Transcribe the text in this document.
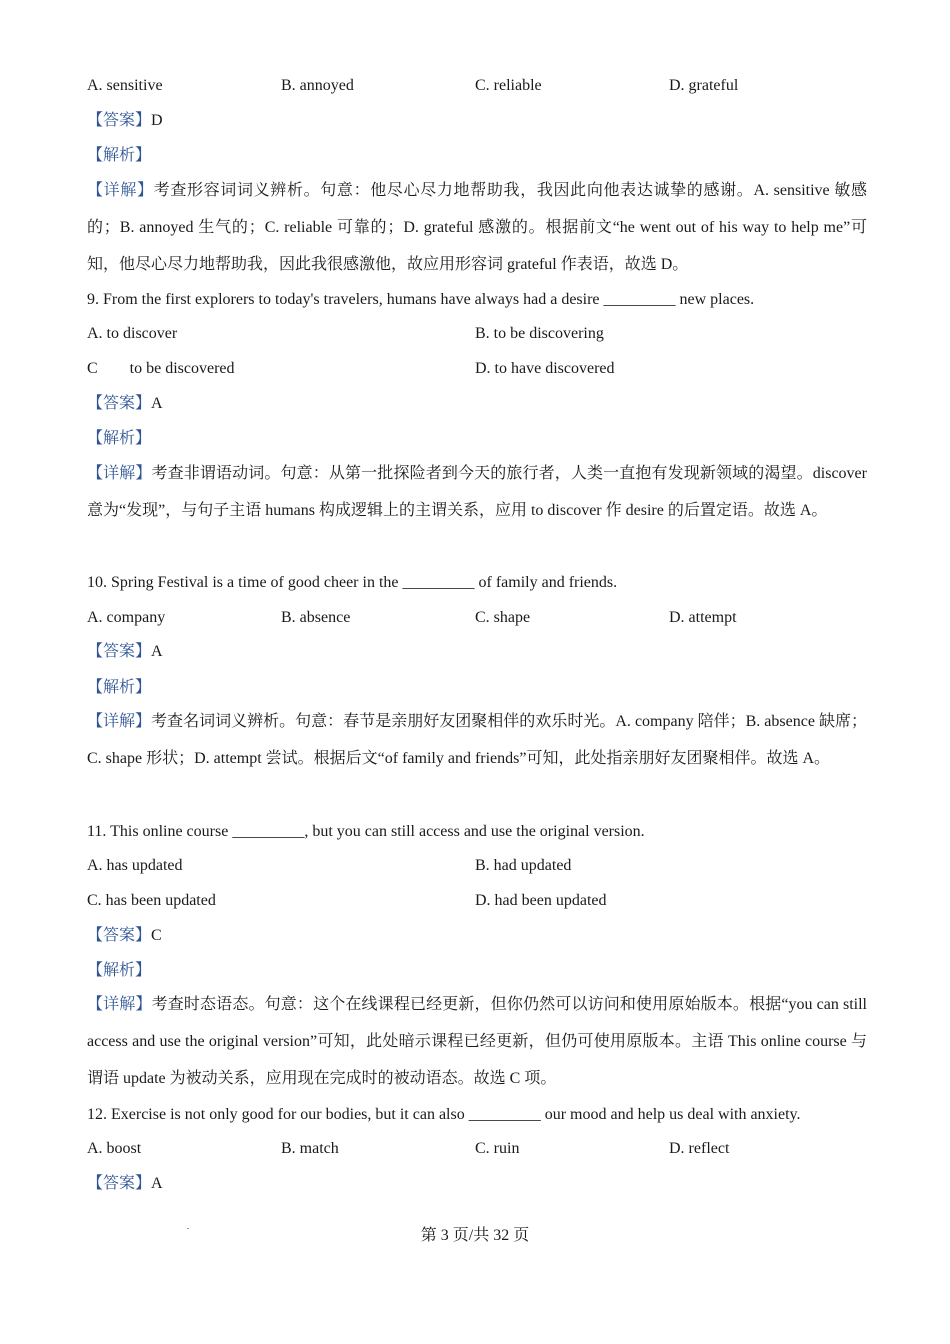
A. sensitive	B. annoyed	C. reliable	D. grateful
【答案】D
【解析】
【详解】考查形容词词义辨析。句意：他尽心尽力地帮助我，我因此向他表达诚挚的感谢。A. sensitive 敏感的；B. annoyed 生气的；C. reliable 可靠的；D. grateful 感激的。根据前文“he went out of his way to help me”可知，他尽心尽力地帮助我，因此我很感激他，故应用形容词 grateful 作表语，故选 D。
9. From the first explorers to today's travelers, humans have always had a desire _________ new places.
A. to discover	B. to be discovering
C        to be discovered	D. to have discovered
【答案】A
【解析】
【详解】考查非谓语动词。句意：从第一批探险者到今天的旅行者，人类一直抱有发现新领域的渴望。discover 意为“发现”，与句子主语 humans 构成逻辑上的主谓关系，应用 to discover 作 desire 的后置定语。故选 A。
10. Spring Festival is a time of good cheer in the _________ of family and friends.
A. company	B. absence	C. shape	D. attempt
【答案】A
【解析】
【详解】考查名词词义辨析。句意：春节是亲朋好友团聚相伴的欢乐时光。A. company 陪伴；B. absence 缺席；C. shape 形状；D. attempt 尝试。根据后文“of family and friends”可知，此处指亲朋好友团聚相伴。故选 A。
11. This online course _________, but you can still access and use the original version.
A. has updated	B. had updated
C. has been updated	D. had been updated
【答案】C
【解析】
【详解】考查时态语态。句意：这个在线课程已经更新，但你仍然可以访问和使用原始版本。根据“you can still access and use the original version”可知，此处暗示课程已经更新，但仍可使用原版本。主语 This online course 与谓语 update 为被动关系，应用现在完成时的被动语态。故选 C 项。
12. Exercise is not only good for our bodies, but it can also _________ our mood and help us deal with anxiety.
A. boost	B. match	C. ruin	D. reflect
【答案】A
第 3 页/共 32 页
